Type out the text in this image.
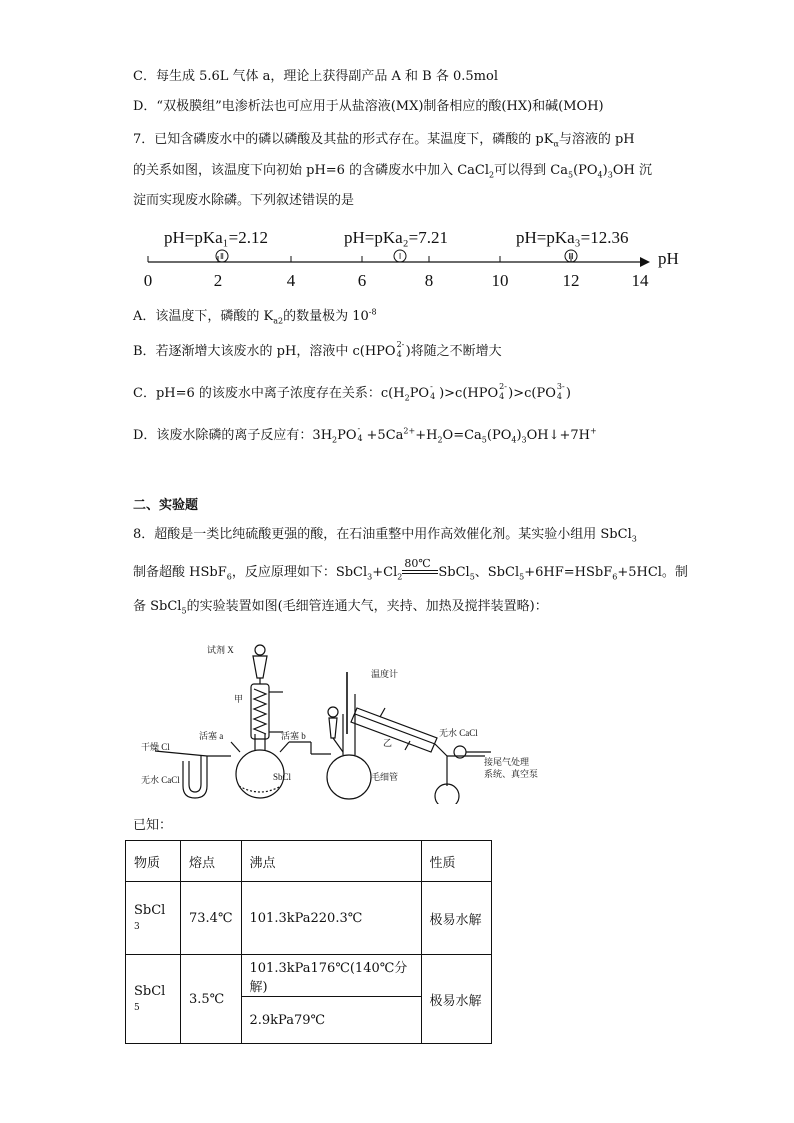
C．每生成 5.6L 气体 a，理论上获得副产品 A 和 B 各 0.5mol
D．“双极膜组”电渗析法也可应用于从盐溶液(MX)制备相应的酸(HX)和碱(MOH)
7．已知含磷废水中的磷以磷酸及其盐的形式存在。某温度下，磷酸的 $pK_\alpha$与溶液的 pH
的关系如图，该温度下向初始 pH=6 的含磷废水中加入 CaCl$_2$可以得到 $Ca_5(PO_4)_3OH$ 沉
淀而实现废水除磷。下列叙述错误的是
pH=pKa₁=2.12	pH=pKa₂=7.21	pH=pKa₃=12.36
Ⅱ	Ⅰ	Ⅲ
0	2	4	6	8	10	12	14
pH
A．该温度下，磷酸的 $K_{a2}$的数量极为 $10^{-8}$
B．若逐渐增大该废水的 pH，溶液中 c(HPO 2-
4 )将随之不断增大
C．pH=6 的该废水中离子浓度存在关系：$c(H_2PO$ -
4 )>c(HPO 2-
4 )>c(PO 3-
4 )
D．该废水除磷的离子反应有：$3H_2PO$ -
$4 +5Ca^{2+}+H_2O=Ca_5(PO_4)_3OH↓+7H^+$
二、实验题
8．超酸是一类比纯硫酸更强的酸，在石油重整中用作高效催化剂。某实验小组用 SbCl$_3$
制备超酸 HSbF$_6$，反应原理如下：$SbCl_3+Cl_2$
80℃
SbCl$_5$、SbCl$_5$+6HF=HSbF$_6$+5HCl。制
备 SbCl$_5$的实验装置如图(毛细管连通大气，夹持、加热及搅拌装置略)：
试剂 X
甲
温度计
干燥 Cl
活塞 a	活塞 b
SbCl
无水 CaCl	毛细管
乙
无水 CaCl
接尾气处理
系统、真空泵
已知：
物质	熔点	沸点	性质
SbCl
3	73.4℃	101.3kPa220.3℃	极易水解
SbCl
5	3.5℃	101.3kPa176℃(140℃分解)	极易水解
		2.9kPa79℃	
